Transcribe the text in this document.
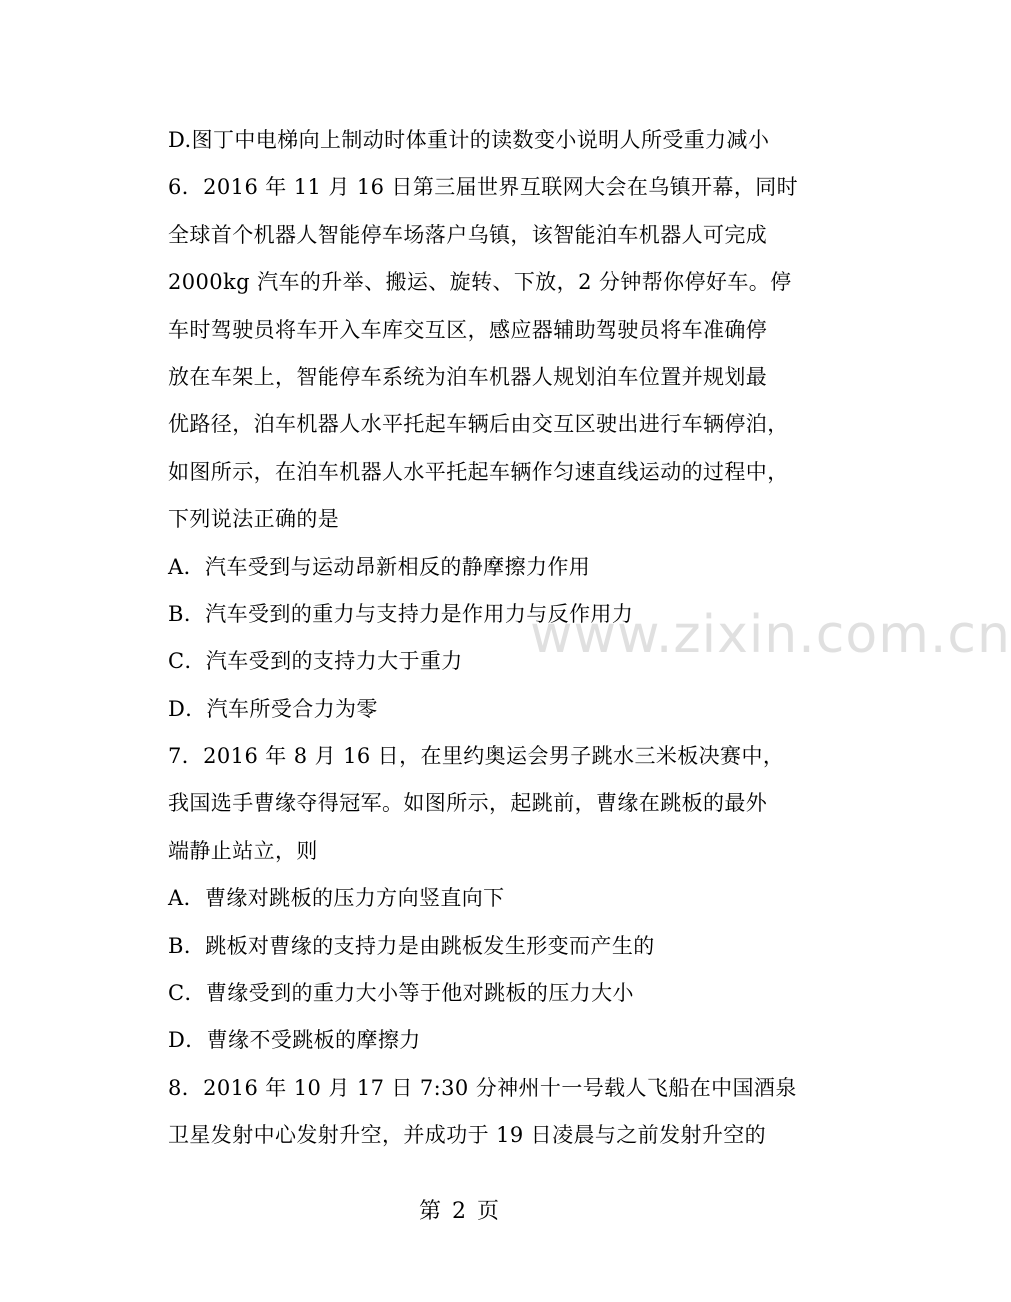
D.图丁中电梯向上制动时体重计的读数变小说明人所受重力减小
6．2016 年 11 月 16 日第三届世界互联网大会在乌镇开幕，同时
全球首个机器人智能停车场落户乌镇，该智能泊车机器人可完成
2000kg 汽车的升举、搬运、旋转、下放，2 分钟帮你停好车。停
车时驾驶员将车开入车库交互区，感应器辅助驾驶员将车准确停
放在车架上，智能停车系统为泊车机器人规划泊车位置并规划最
优路径，泊车机器人水平托起车辆后由交互区驶出进行车辆停泊，
如图所示，在泊车机器人水平托起车辆作匀速直线运动的过程中，
下列说法正确的是
A．汽车受到与运动昂新相反的静摩擦力作用
B．汽车受到的重力与支持力是作用力与反作用力
C．汽车受到的支持力大于重力
D．汽车所受合力为零
7．2016 年 8 月 16 日，在里约奥运会男子跳水三米板决赛中，
我国选手曹缘夺得冠军。如图所示，起跳前，曹缘在跳板的最外
端静止站立，则
A．曹缘对跳板的压力方向竖直向下
B．跳板对曹缘的支持力是由跳板发生形变而产生的
C．曹缘受到的重力大小等于他对跳板的压力大小
D．曹缘不受跳板的摩擦力
8．2016 年 10 月 17 日 7:30 分神州十一号载人飞船在中国酒泉
卫星发射中心发射升空，并成功于 19 日凌晨与之前发射升空的
www.zixin.com.cn
第 2 页
